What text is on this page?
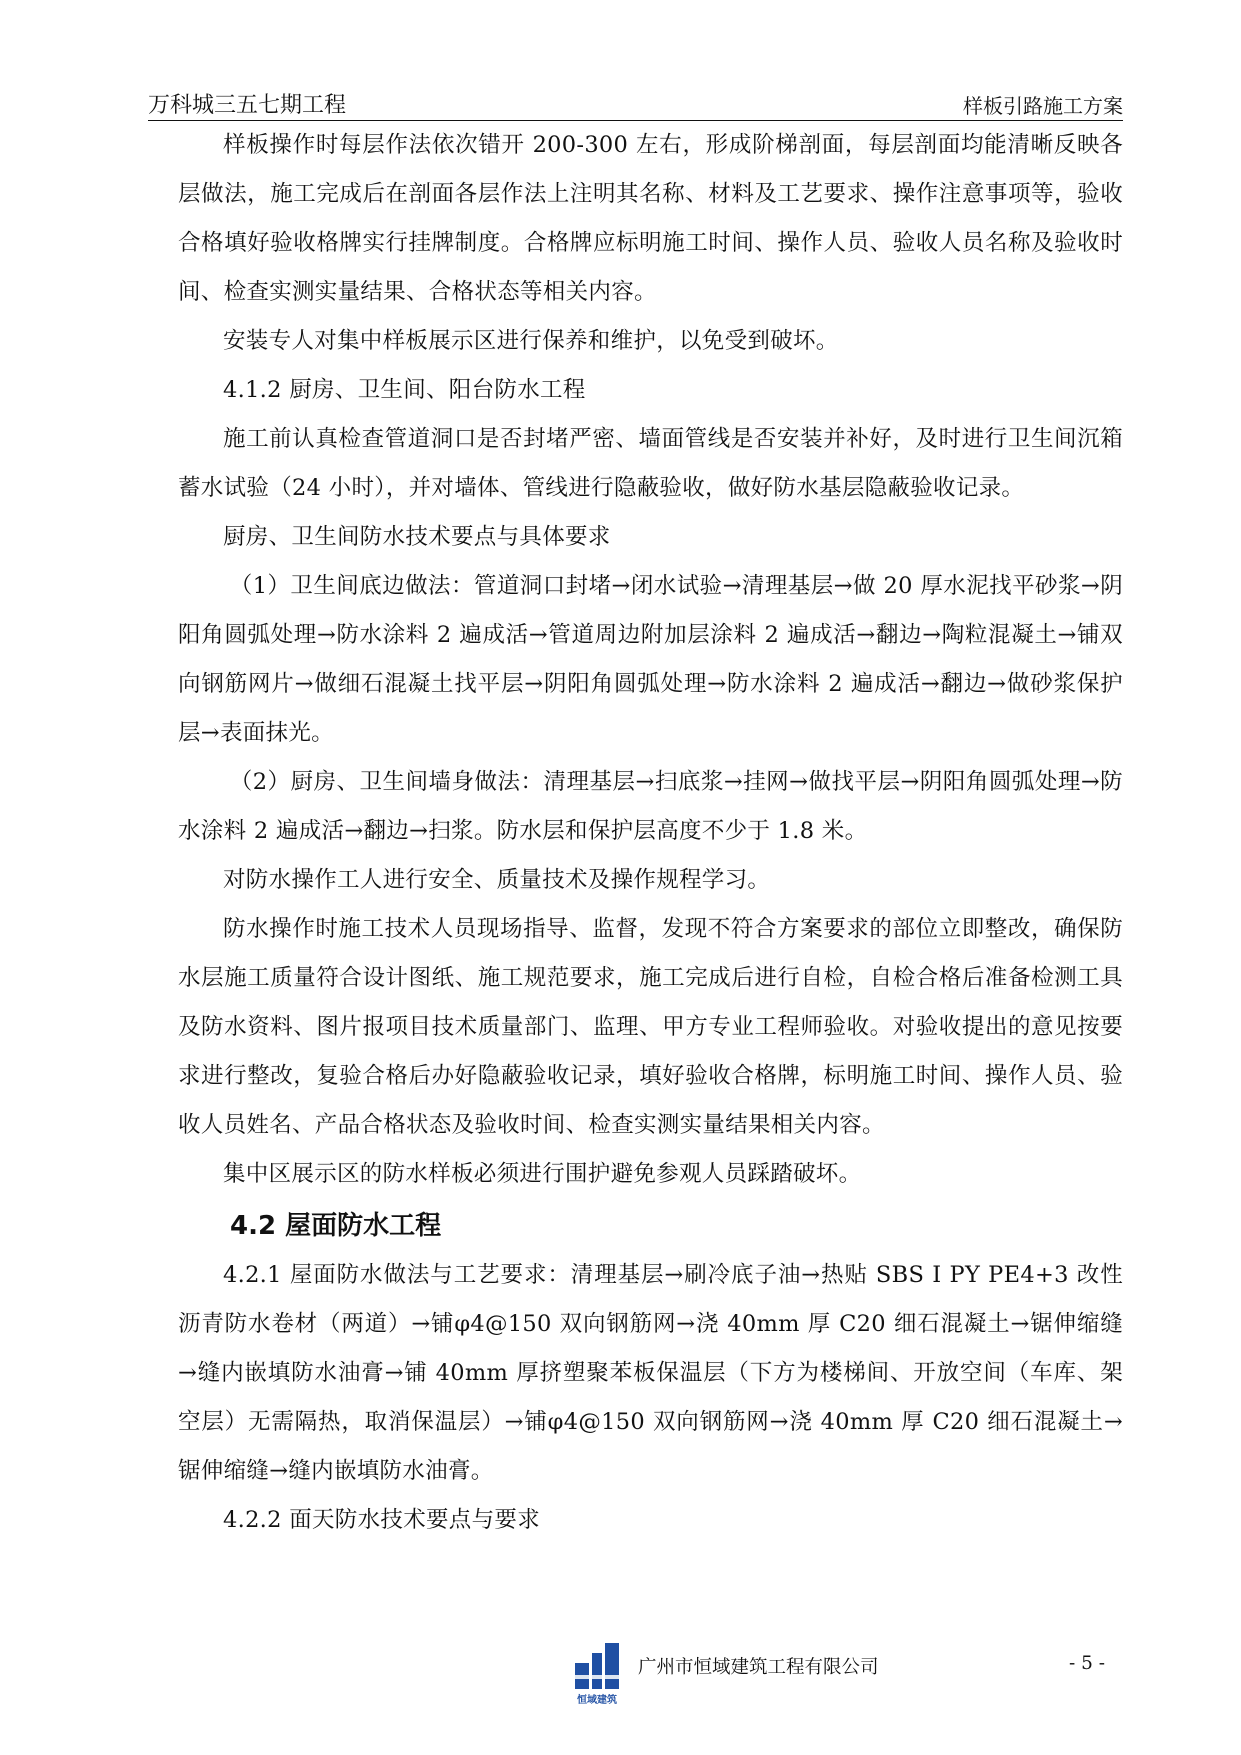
万科城三五七期工程	样板引路施工方案

样板操作时每层作法依次错开 200-300 左右，形成阶梯剖面，每层剖面均能清晰反映各层做法，施工完成后在剖面各层作法上注明其名称、材料及工艺要求、操作注意事项等，验收合格填好验收格牌实行挂牌制度。合格牌应标明施工时间、操作人员、验收人员名称及验收时间、检查实测实量结果、合格状态等相关内容。

安装专人对集中样板展示区进行保养和维护，以免受到破坏。

4.1.2 厨房、卫生间、阳台防水工程

施工前认真检查管道洞口是否封堵严密、墙面管线是否安装并补好，及时进行卫生间沉箱蓄水试验（24 小时），并对墙体、管线进行隐蔽验收，做好防水基层隐蔽验收记录。

厨房、卫生间防水技术要点与具体要求

（1）卫生间底边做法：管道洞口封堵→闭水试验→清理基层→做 20 厚水泥找平砂浆→阴阳角圆弧处理→防水涂料 2 遍成活→管道周边附加层涂料 2 遍成活→翻边→陶粒混凝土→铺双向钢筋网片→做细石混凝土找平层→阴阳角圆弧处理→防水涂料 2 遍成活→翻边→做砂浆保护层→表面抹光。

（2）厨房、卫生间墙身做法：清理基层→扫底浆→挂网→做找平层→阴阳角圆弧处理→防水涂料 2 遍成活→翻边→扫浆。防水层和保护层高度不少于 1.8 米。

对防水操作工人进行安全、质量技术及操作规程学习。

防水操作时施工技术人员现场指导、监督，发现不符合方案要求的部位立即整改，确保防水层施工质量符合设计图纸、施工规范要求，施工完成后进行自检，自检合格后准备检测工具及防水资料、图片报项目技术质量部门、监理、甲方专业工程师验收。对验收提出的意见按要求进行整改，复验合格后办好隐蔽验收记录，填好验收合格牌，标明施工时间、操作人员、验收人员姓名、产品合格状态及验收时间、检查实测实量结果相关内容。

集中区展示区的防水样板必须进行围护避免参观人员踩踏破坏。

4.2 屋面防水工程

4.2.1 屋面防水做法与工艺要求：清理基层→刷冷底子油→热贴 SBS I PY PE4+3 改性沥青防水卷材（两道）→铺φ4@150 双向钢筋网→浇 40mm 厚 C20 细石混凝土→锯伸缩缝→缝内嵌填防水油膏→铺 40mm 厚挤塑聚苯板保温层（下方为楼梯间、开放空间（车库、架空层）无需隔热，取消保温层）→铺φ4@150 双向钢筋网→浇 40mm 厚 C20 细石混凝土→锯伸缩缝→缝内嵌填防水油膏。

4.2.2 面天防水技术要点与要求

恒域建筑
广州市恒域建筑工程有限公司	- 5 -
